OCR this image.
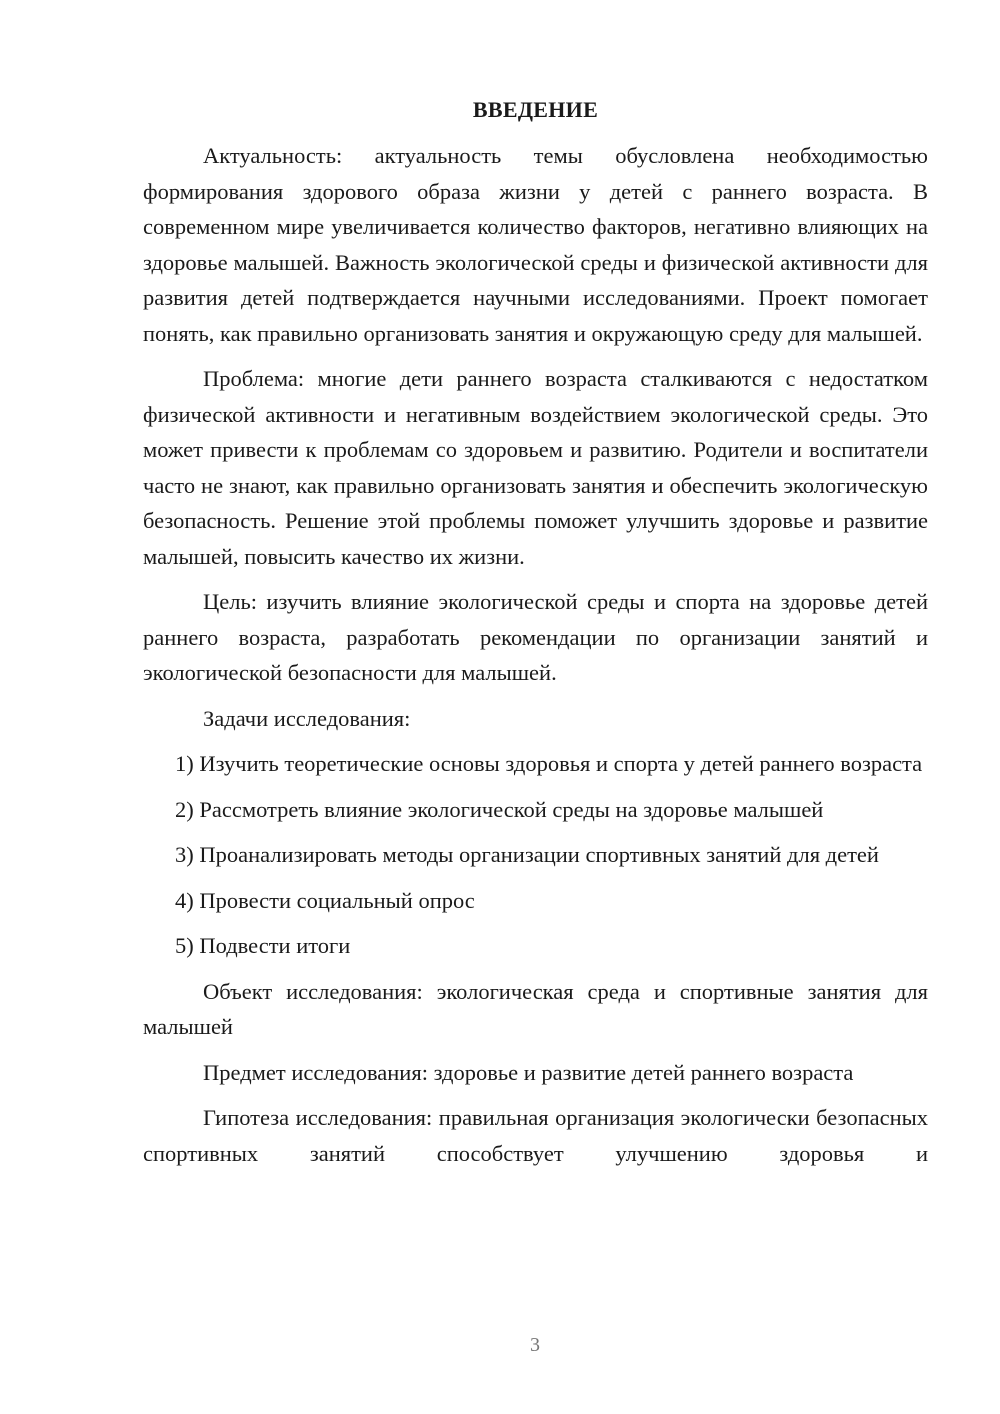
ВВЕДЕНИЕ

Актуальность: актуальность темы обусловлена необходимостью формирования здорового образа жизни у детей с раннего возраста. В современном мире увеличивается количество факторов, негативно влияющих на здоровье малышей. Важность экологической среды и физической активности для развития детей подтверждается научными исследованиями. Проект помогает понять, как правильно организовать занятия и окружающую среду для малышей.

Проблема: многие дети раннего возраста сталкиваются с недостатком физической активности и негативным воздействием экологической среды. Это может привести к проблемам со здоровьем и развитию. Родители и воспитатели часто не знают, как правильно организовать занятия и обеспечить экологическую безопасность. Решение этой проблемы поможет улучшить здоровье и развитие малышей, повысить качество их жизни.

Цель: изучить влияние экологической среды и спорта на здоровье детей раннего возраста, разработать рекомендации по организации занятий и экологической безопасности для малышей.

Задачи исследования:

1) Изучить теоретические основы здоровья и спорта у детей раннего возраста

2) Рассмотреть влияние экологической среды на здоровье малышей

3) Проанализировать методы организации спортивных занятий для детей

4) Провести социальный опрос

5) Подвести итоги

Объект исследования: экологическая среда и спортивные занятия для малышей

Предмет исследования: здоровье и развитие детей раннего возраста

Гипотеза исследования: правильная организация экологически безопасных спортивных занятий способствует улучшению здоровья и

3
